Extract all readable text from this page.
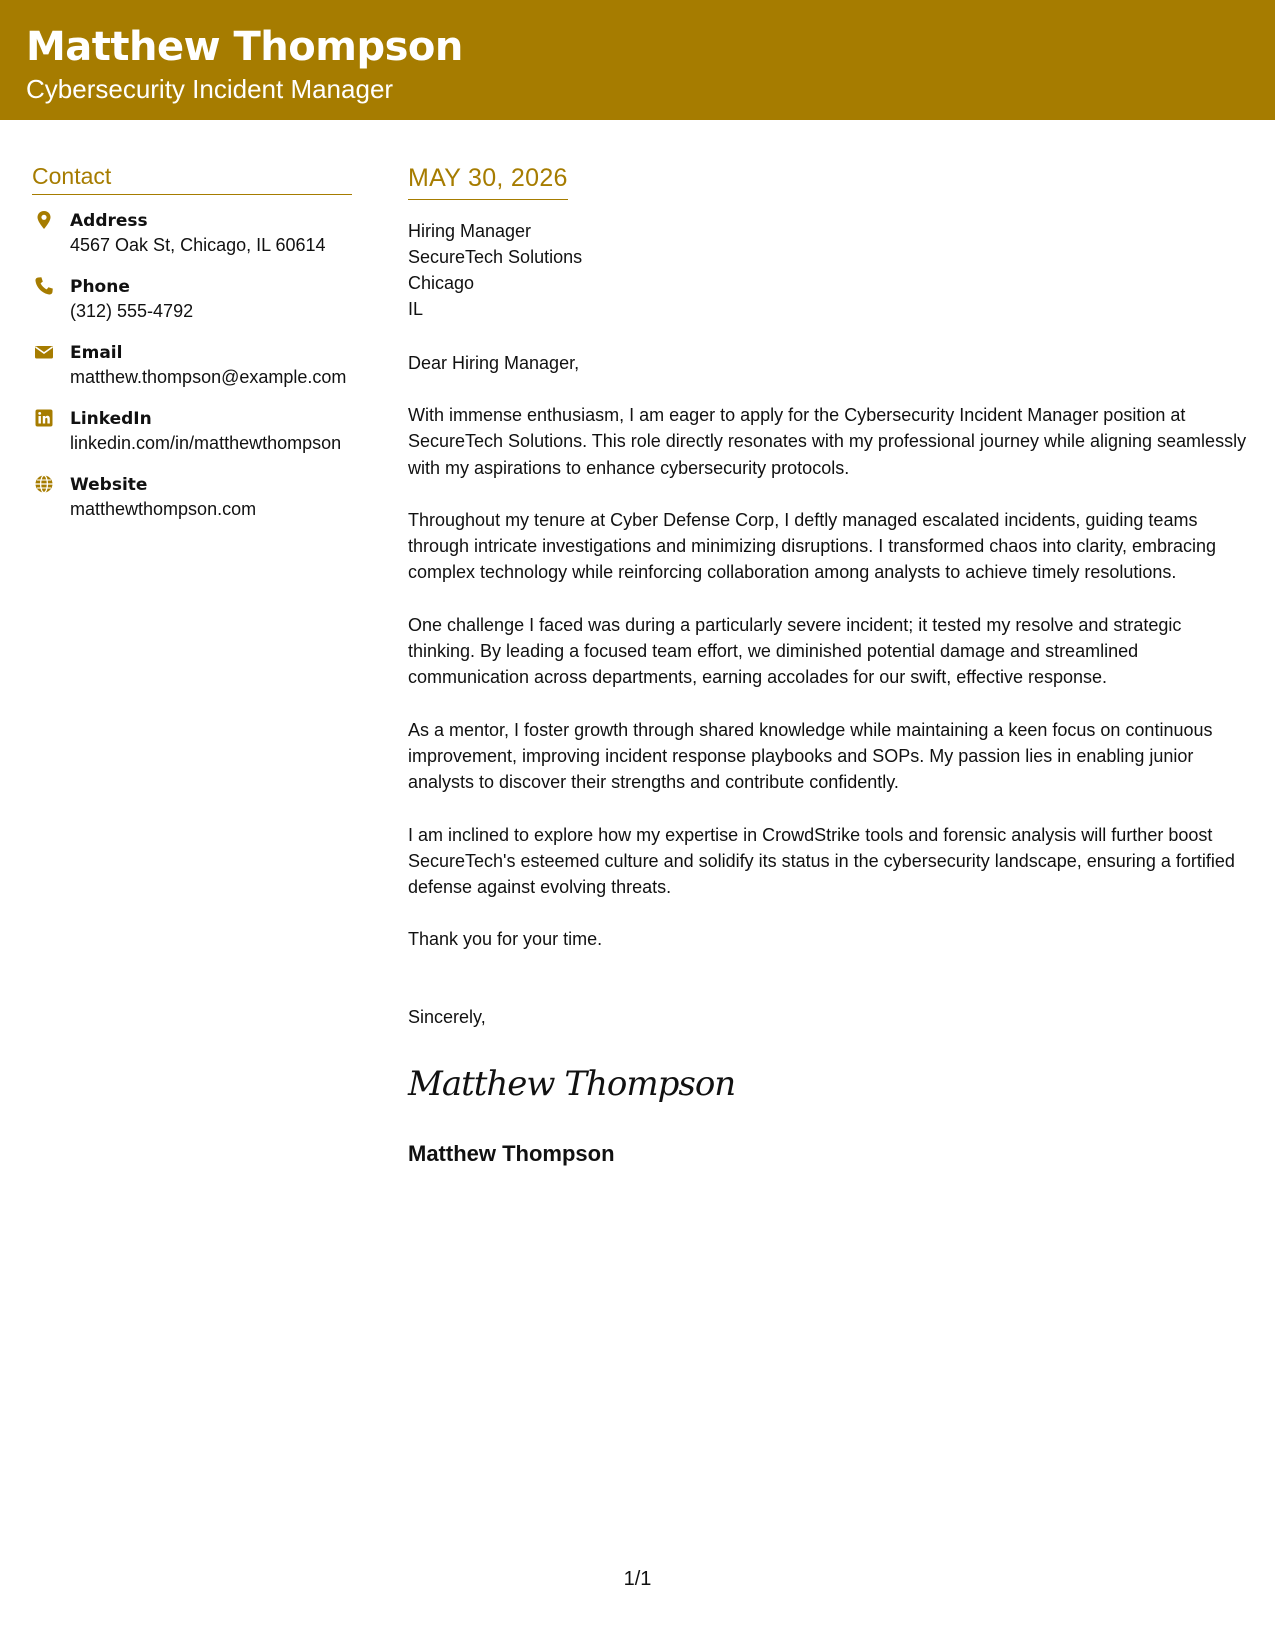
Matthew Thompson
Cybersecurity Incident Manager
Contact
Address
4567 Oak St, Chicago, IL 60614
Phone
(312) 555-4792
Email
matthew.thompson@example.com
LinkedIn
linkedin.com/in/matthewthompson
Website
matthewthompson.com
MAY 30, 2026
Hiring Manager
SecureTech Solutions
Chicago
IL
Dear Hiring Manager,
With immense enthusiasm, I am eager to apply for the Cybersecurity Incident Manager position at SecureTech Solutions. This role directly resonates with my professional journey while aligning seamlessly with my aspirations to enhance cybersecurity protocols.
Throughout my tenure at Cyber Defense Corp, I deftly managed escalated incidents, guiding teams through intricate investigations and minimizing disruptions. I transformed chaos into clarity, embracing complex technology while reinforcing collaboration among analysts to achieve timely resolutions.
One challenge I faced was during a particularly severe incident; it tested my resolve and strategic thinking. By leading a focused team effort, we diminished potential damage and streamlined communication across departments, earning accolades for our swift, effective response.
As a mentor, I foster growth through shared knowledge while maintaining a keen focus on continuous improvement, improving incident response playbooks and SOPs. My passion lies in enabling junior analysts to discover their strengths and contribute confidently.
I am inclined to explore how my expertise in CrowdStrike tools and forensic analysis will further boost SecureTech's esteemed culture and solidify its status in the cybersecurity landscape, ensuring a fortified defense against evolving threats.
Thank you for your time.
Sincerely,
Matthew Thompson
Matthew Thompson
1/1
